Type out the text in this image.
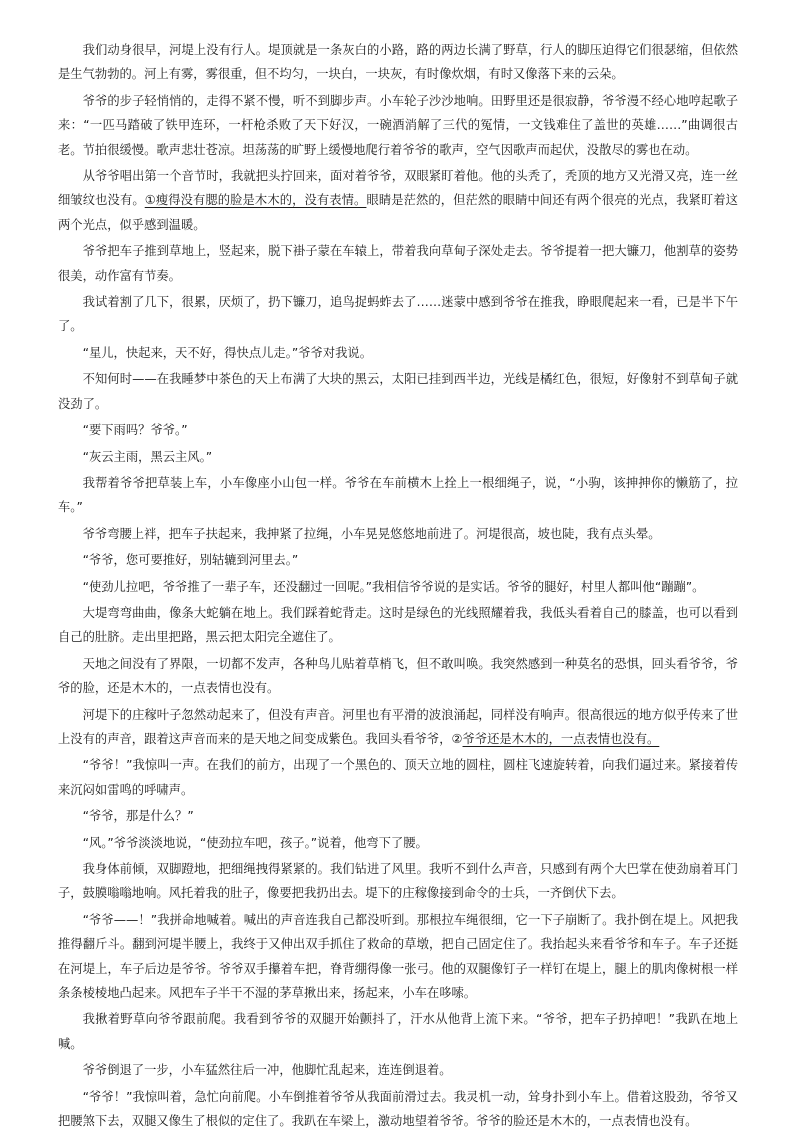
我们动身很早，河堤上没有行人。堤顶就是一条灰白的小路，路的两边长满了野草，行人的脚压迫得它们很瑟缩，但依然是生气勃勃的。河上有雾，雾很重，但不均匀，一块白，一块灰，有时像炊烟，有时又像落下来的云朵。

爷爷的步子轻悄悄的，走得不紧不慢，听不到脚步声。小车轮子沙沙地响。田野里还是很寂静，爷爷漫不经心地哼起歌子来：“一匹马踏破了铁甲连环，一杆枪杀败了天下好汉，一碗酒消解了三代的冤情，一文钱难住了盖世的英雄……”曲调很古老。节拍很缓慢。歌声悲壮苍凉。坦荡荡的旷野上缓慢地爬行着爷爷的歌声，空气因歌声而起伏，没散尽的雾也在动。

从爷爷唱出第一个音节时，我就把头拧回来，面对着爷爷，双眼紧盯着他。他的头秃了，秃顶的地方又光滑又亮，连一丝细皱纹也没有。①瘦得没有腮的脸是木木的，没有表情。眼睛是茫然的，但茫然的眼睛中间还有两个很亮的光点，我紧盯着这两个光点，似乎感到温暖。

爷爷把车子推到草地上，竖起来，脱下褂子蒙在车辕上，带着我向草甸子深处走去。爷爷提着一把大镰刀，他割草的姿势很美，动作富有节奏。

我试着割了几下，很累，厌烦了，扔下镰刀，追鸟捉蚂蚱去了……迷蒙中感到爷爷在推我，睁眼爬起来一看，已是半下午了。

“星儿，快起来，天不好，得快点儿走。”爷爷对我说。

不知何时——在我睡梦中茶色的天上布满了大块的黑云，太阳已挂到西半边，光线是橘红色，很短，好像射不到草甸子就没劲了。

“要下雨吗？爷爷。”

“灰云主雨，黑云主风。”

我帮着爷爷把草装上车，小车像座小山包一样。爷爷在车前横木上拴上一根细绳子，说，“小驹，该抻抻你的懒筋了，拉车。”

爷爷弯腰上袢，把车子扶起来，我抻紧了拉绳，小车晃晃悠悠地前进了。河堤很高，坡也陡，我有点头晕。

“爷爷，您可要推好，别轱辘到河里去。”

“使劲儿拉吧，爷爷推了一辈子车，还没翻过一回呢。”我相信爷爷说的是实话。爷爷的腿好，村里人都叫他“蹦蹦”。

大堤弯弯曲曲，像条大蛇躺在地上。我们踩着蛇背走。这时是绿色的光线照耀着我，我低头看着自己的膝盖，也可以看到自己的肚脐。走出里把路，黑云把太阳完全遮住了。

天地之间没有了界限，一切都不发声，各种鸟儿贴着草梢飞，但不敢叫唤。我突然感到一种莫名的恐惧，回头看爷爷，爷爷的脸，还是木木的，一点表情也没有。

河堤下的庄稼叶子忽然动起来了，但没有声音。河里也有平滑的波浪涌起，同样没有响声。很高很远的地方似乎传来了世上没有的声音，跟着这声音而来的是天地之间变成紫色。我回头看爷爷，②爷爷还是木木的，一点表情也没有。

“爷爷！”我惊叫一声。在我们的前方，出现了一个黑色的、顶天立地的圆柱，圆柱飞速旋转着，向我们逼过来。紧接着传来沉闷如雷鸣的呼啸声。

“爷爷，那是什么？”

“风。”爷爷淡淡地说，“使劲拉车吧，孩子。”说着，他弯下了腰。

我身体前倾，双脚蹬地，把细绳拽得紧紧的。我们钻进了风里。我听不到什么声音，只感到有两个大巴掌在使劲扇着耳门子，鼓膜嗡嗡地响。风托着我的肚子，像要把我扔出去。堤下的庄稼像接到命令的士兵，一齐倒伏下去。

“爷爷——！”我拼命地喊着。喊出的声音连我自己都没听到。那根拉车绳很细，它一下子崩断了。我扑倒在堤上。风把我推得翻斤斗。翻到河堤半腰上，我终于又伸出双手抓住了救命的草墩，把自己固定住了。我抬起头来看爷爷和车子。车子还挺在河堤上，车子后边是爷爷。爷爷双手攥着车把，脊背绷得像一张弓。他的双腿像钉子一样钉在堤上，腿上的肌肉像树根一样条条棱棱地凸起来。风把车子半干不湿的茅草揪出来，扬起来，小车在哆嗦。

我揪着野草向爷爷跟前爬。我看到爷爷的双腿开始颤抖了，汗水从他背上流下来。“爷爷，把车子扔掉吧！”我趴在地上喊。

爷爷倒退了一步，小车猛然往后一冲，他脚忙乱起来，连连倒退着。

“爷爷！”我惊叫着，急忙向前爬。小车倒推着爷爷从我面前滑过去。我灵机一动，耸身扑到小车上。借着这股劲，爷爷又把腰煞下去，双腿又像生了根似的定住了。我趴在车梁上，激动地望着爷爷。爷爷的脸还是木木的，一点表情也没有。
